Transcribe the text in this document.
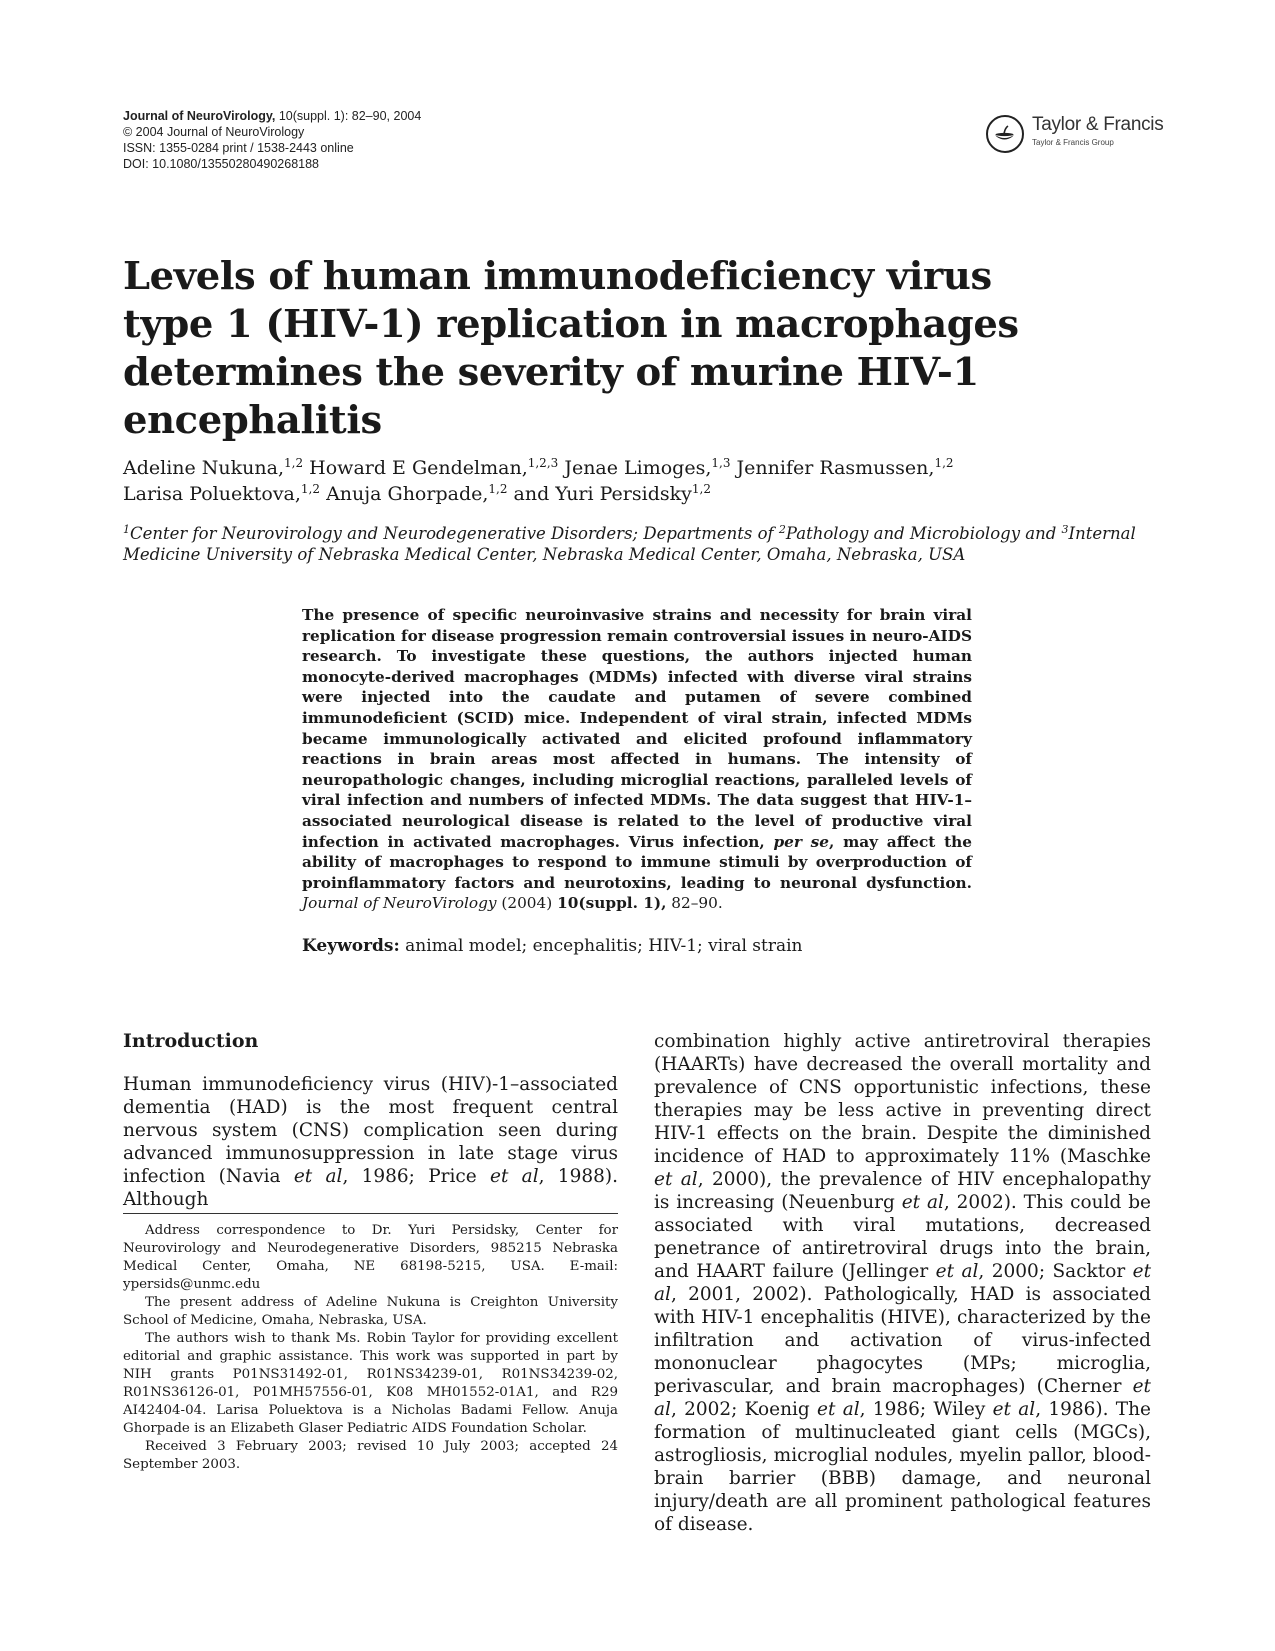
Journal of NeuroVirology, 10(suppl. 1): 82–90, 2004
© 2004 Journal of NeuroVirology
ISSN: 1355-0284 print / 1538-2443 online
DOI: 10.1080/13550280490268188
Taylor & Francis
Taylor & Francis Group
Levels of human immunodeficiency virus type 1 (HIV-1) replication in macrophages determines the severity of murine HIV-1 encephalitis
Adeline Nukuna,$^{1,2}$ Howard E Gendelman,$^{1,2,3}$ Jenae Limoges,$^{1,3}$ Jennifer Rasmussen,$^{1,2}$
Larisa Poluektova,$^{1,2}$ Anuja Ghorpade,$^{1,2}$ and Yuri Persidsky$^{1,2}$
$^1$Center for Neurovirology and Neurodegenerative Disorders; Departments of $^2$Pathology and Microbiology and $^3$Internal Medicine University of Nebraska Medical Center, Nebraska Medical Center, Omaha, Nebraska, USA

The presence of specific neuroinvasive strains and necessity for brain viral replication for disease progression remain controversial issues in neuro-AIDS research. To investigate these questions, the authors injected human monocyte-derived macrophages (MDMs) infected with diverse viral strains were injected into the caudate and putamen of severe combined immunodeficient (SCID) mice. Independent of viral strain, infected MDMs became immunologically activated and elicited profound inflammatory reactions in brain areas most affected in humans. The intensity of neuropathologic changes, including microglial reactions, paralleled levels of viral infection and numbers of infected MDMs. The data suggest that HIV-1–associated neurological disease is related to the level of productive viral infection in activated macrophages. Virus infection, per se, may affect the ability of macrophages to respond to immune stimuli by overproduction of proinflammatory factors and neurotoxins, leading to neuronal dysfunction. Journal of NeuroVirology (2004) 10(suppl. 1), 82–90.

Keywords: animal model; encephalitis; HIV-1; viral strain
Introduction

Human immunodeficiency virus (HIV)-1–associated dementia (HAD) is the most frequent central nervous system (CNS) complication seen during advanced immunosuppression in late stage virus infection (Navia et al, 1986; Price et al, 1988). Although

Address correspondence to Dr. Yuri Persidsky, Center for Neurovirology and Neurodegenerative Disorders, 985215 Nebraska Medical Center, Omaha, NE 68198-5215, USA. E-mail: ypersids@unmc.edu

The present address of Adeline Nukuna is Creighton University School of Medicine, Omaha, Nebraska, USA.

The authors wish to thank Ms. Robin Taylor for providing excellent editorial and graphic assistance. This work was supported in part by NIH grants P01NS31492-01, R01NS34239-01, R01NS34239-02, R01NS36126-01, P01MH57556-01, K08 MH01552-01A1, and R29 AI42404-04. Larisa Poluektova is a Nicholas Badami Fellow. Anuja Ghorpade is an Elizabeth Glaser Pediatric AIDS Foundation Scholar.

Received 3 February 2003; revised 10 July 2003; accepted 24 September 2003.

combination highly active antiretroviral therapies (HAARTs) have decreased the overall mortality and prevalence of CNS opportunistic infections, these therapies may be less active in preventing direct HIV-1 effects on the brain. Despite the diminished incidence of HAD to approximately 11% (Maschke et al, 2000), the prevalence of HIV encephalopathy is increasing (Neuenburg et al, 2002). This could be associated with viral mutations, decreased penetrance of antiretroviral drugs into the brain, and HAART failure (Jellinger et al, 2000; Sacktor et al, 2001, 2002). Pathologically, HAD is associated with HIV-1 encephalitis (HIVE), characterized by the infiltration and activation of virus-infected mononuclear phagocytes (MPs; microglia, perivascular, and brain macrophages) (Cherner et al, 2002; Koenig et al, 1986; Wiley et al, 1986). The formation of multinucleated giant cells (MGCs), astrogliosis, microglial nodules, myelin pallor, blood-brain barrier (BBB) damage, and neuronal injury/death are all prominent pathological features of disease.
